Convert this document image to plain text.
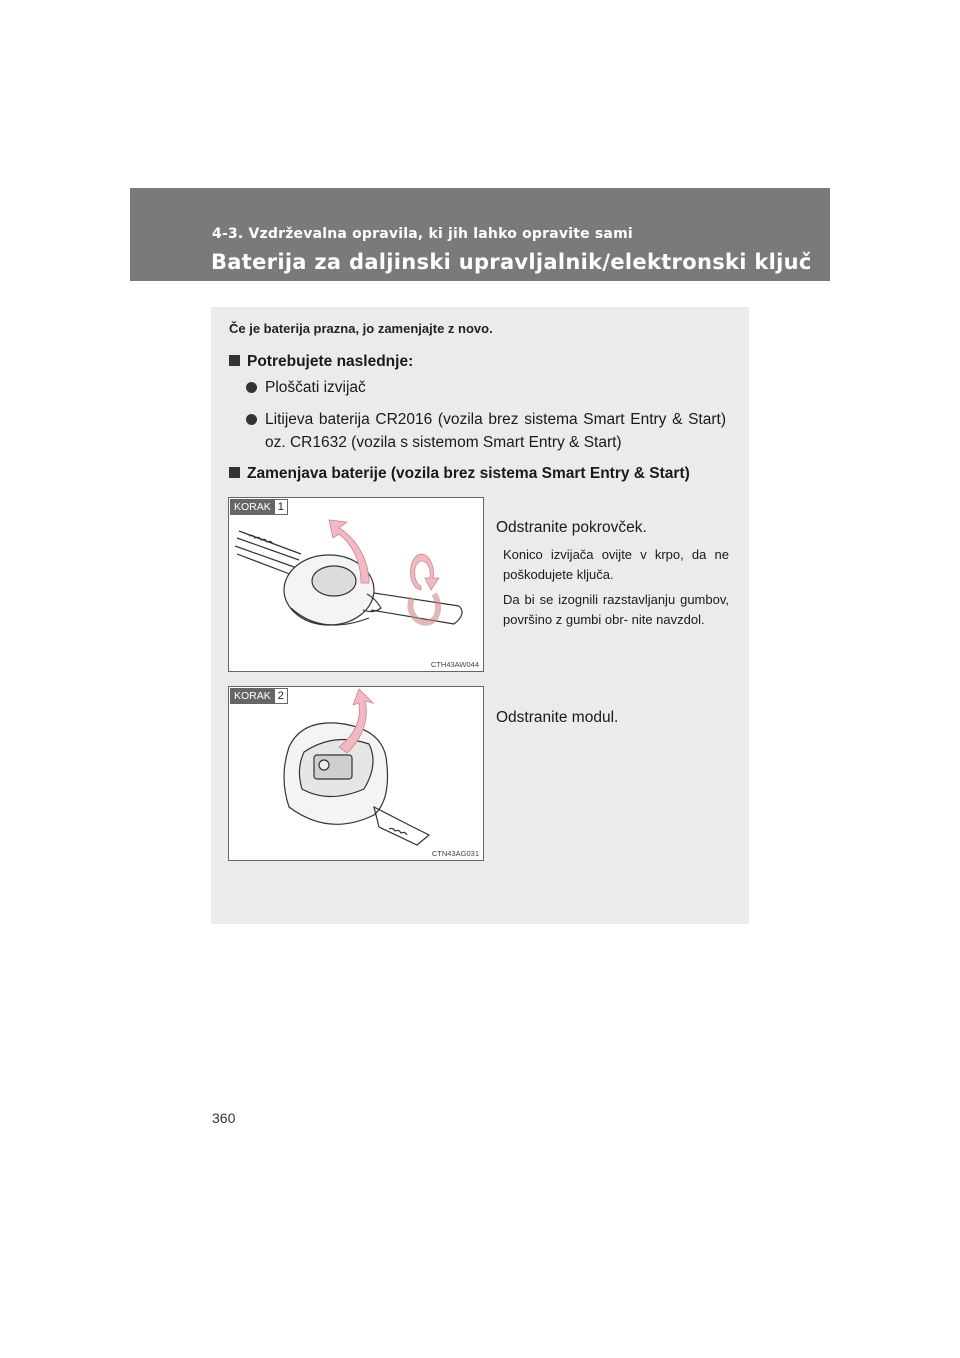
4-3. Vzdrževalna opravila, ki jih lahko opravite sami
Baterija za daljinski upravljalnik/elektronski ključ
Če je baterija prazna, jo zamenjajte z novo.
Potrebujete naslednje:
Ploščati izvijač
Litijeva baterija CR2016 (vozila brez sistema Smart Entry & Start) oz. CR1632 (vozila s sistemom Smart Entry & Start)
Zamenjava baterije (vozila brez sistema Smart Entry & Start)
KORAK 1
CTH43AW044
Odstranite pokrovček.
Konico izvijača ovijte v krpo, da ne poškodujete ključa.
Da bi se izognili razstavljanju gumbov, površino z gumbi obr- nite navzdol.
KORAK 2
CTN43AG031
Odstranite modul.
360
